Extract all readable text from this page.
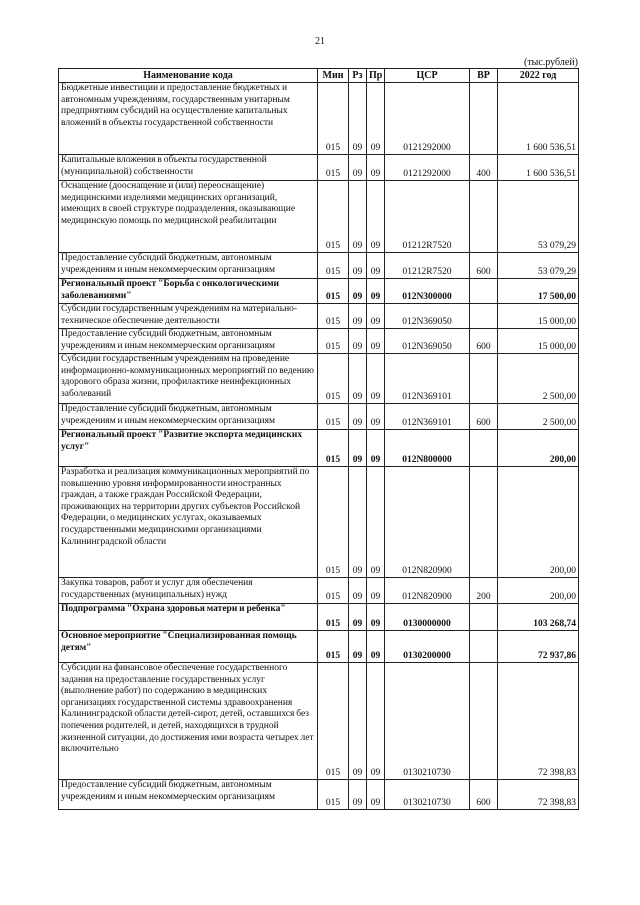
21
(тыс.рублей)
Наименование кода	Мин	Рз	Пр	ЦСР	ВР	2022 год
Бюджетные инвестиции и предоставление бюджетных и автономным учреждениям, государственным унитарным предприятиям субсидий на осуществление капитальных вложений в объекты государственной собственности	015	09	09	0121292000		1 600 536,51
Капитальные вложения в объекты государственной (муниципальной) собственности	015	09	09	0121292000	400	1 600 536,51
Оснащение (дооснащение и (или) переоснащение) медицинскими изделиями медицинских организаций, имеющих в своей структуре подразделения, оказывающие медицинскую помощь по медицинской реабилитации	015	09	09	01212R7520		53 079,29
Предоставление субсидий бюджетным, автономным учреждениям и иным некоммерческим организациям	015	09	09	01212R7520	600	53 079,29
Региональный проект "Борьба с онкологическими заболеваниями"	015	09	09	012N300000		17 500,00
Субсидии государственным учреждениям на материально-техническое обеспечение деятельности	015	09	09	012N369050		15 000,00
Предоставление субсидий бюджетным, автономным учреждениям и иным некоммерческим организациям	015	09	09	012N369050	600	15 000,00
Субсидии государственным учреждениям на проведение информационно-коммуникационных мероприятий по ведению здорового образа жизни, профилактике неинфекционных заболеваний	015	09	09	012N369101		2 500,00
Предоставление субсидий бюджетным, автономным учреждениям и иным некоммерческим организациям	015	09	09	012N369101	600	2 500,00
Региональный проект "Развитие экспорта медицинских услуг"	015	09	09	012N800000		200,00
Разработка и реализация коммуникационных мероприятий по повышению уровня информированности иностранных граждан, а также граждан Российской Федерации, проживающих на территории других субъектов Российской Федерации, о медицинских услугах, оказываемых государственными медицинскими организациями Калининградской области	015	09	09	012N820900		200,00
Закупка товаров, работ и услуг для обеспечения государственных (муниципальных) нужд	015	09	09	012N820900	200	200,00
Подпрограмма "Охрана здоровья матери и ребенка"	015	09	09	0130000000		103 268,74
Основное мероприятие "Специализированная помощь детям"	015	09	09	0130200000		72 937,86
Субсидии на финансовое обеспечение государственного задания на предоставление государственных услуг (выполнение работ) по содержанию в медицинских организациях государственной системы здравоохранения Калининградской области детей-сирот, детей, оставшихся без попечения родителей, и детей, находящихся в трудной жизненной ситуации, до достижения ими возраста четырех лет включительно	015	09	09	0130210730		72 398,83
Предоставление субсидий бюджетным, автономным учреждениям и иным некоммерческим организациям	015	09	09	0130210730	600	72 398,83
